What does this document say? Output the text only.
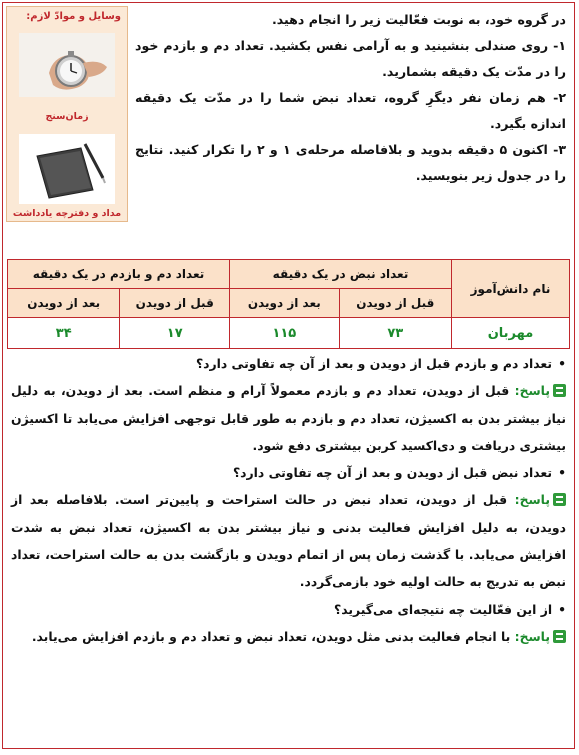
وسایل و موادّ لازم:
زمان‌سنج
مداد و دفترچه یادداشت

در گروه خود، به نوبت فعّالیت زیر را انجام دهید.

۱- روی صندلی بنشینید و به آرامی نفس بکشید. تعداد دم و بازدم خود را در مدّت یک دقیقه بشمارید.

۲- هم زمان نفر دیگرِ گروه، تعداد نبض شما را در مدّت یک دقیقه اندازه بگیرد.

۳- اکنون ۵ دقیقه بدوید و بلافاصله مرحله‌ی ۱ و ۲ را تکرار کنید. نتایج را در جدول زیر بنویسید.

نام دانش‌آموز	تعداد نبض در یک دقیقه		تعداد دم و بازدم در یک دقیقه	
	قبل از دویدن	بعد از دویدن	قبل از دویدن	بعد از دویدن
مهربان	۷۳	۱۱۵	۱۷	۳۴

• تعداد دم و بازدم قبل از دویدن و بعد از آن چه تفاوتی دارد؟

پاسخ: قبل از دویدن، تعداد دم و بازدم معمولاً آرام و منظم است. بعد از دویدن، به دلیل نیاز بیشتر بدن به اکسیژن، تعداد دم و بازدم به طور قابل توجهی افزایش می‌یابد تا اکسیژن بیشتری دریافت و دی‌اکسید کربن بیشتری دفع شود.

• تعداد نبض قبل از دویدن و بعد از آن چه تفاوتی دارد؟

پاسخ: قبل از دویدن، تعداد نبض در حالت استراحت و پایین‌تر است. بلافاصله بعد از دویدن، به دلیل افزایش فعالیت بدنی و نیاز بیشتر بدن به اکسیژن، تعداد نبض به شدت افزایش می‌یابد. با گذشت زمان پس از اتمام دویدن و بازگشت بدن به حالت استراحت، تعداد نبض به تدریج به حالت اولیه خود بازمی‌گردد.

• از این فعّالیت چه نتیجه‌ای می‌گیرید؟

پاسخ: با انجام فعالیت بدنی مثل دویدن، تعداد نبض و تعداد دم و بازدم افزایش می‌یابد.
